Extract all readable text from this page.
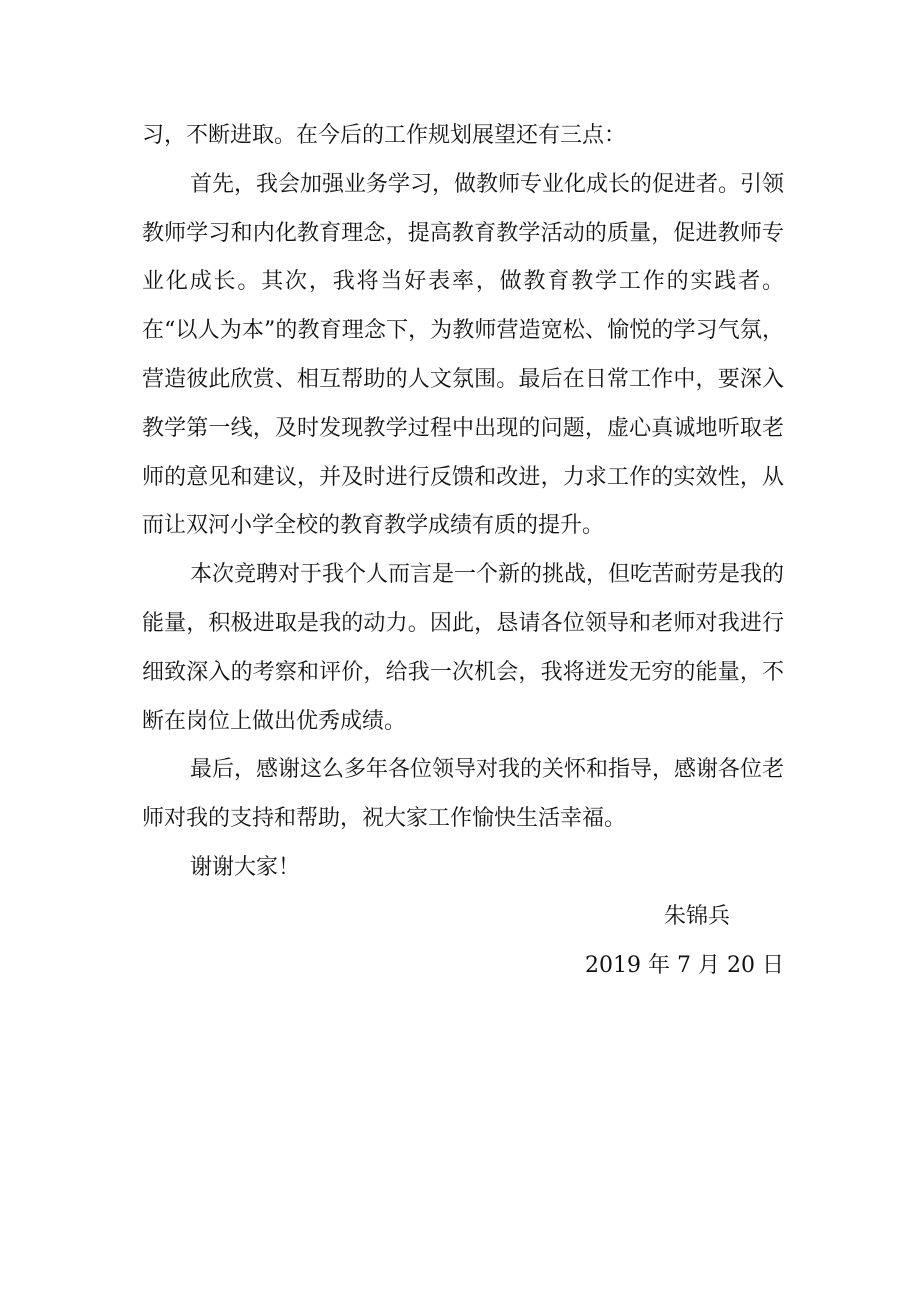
习，不断进取。在今后的工作规划展望还有三点：

首先，我会加强业务学习，做教师专业化成长的促进者。引领教师学习和内化教育理念，提高教育教学活动的质量，促进教师专业化成长。其次，我将当好表率，做教育教学工作的实践者。在“以人为本”的教育理念下，为教师营造宽松、愉悦的学习气氛，营造彼此欣赏、相互帮助的人文氛围。最后在日常工作中，要深入教学第一线，及时发现教学过程中出现的问题，虚心真诚地听取老师的意见和建议，并及时进行反馈和改进，力求工作的实效性，从而让双河小学全校的教育教学成绩有质的提升。

本次竞聘对于我个人而言是一个新的挑战，但吃苦耐劳是我的能量，积极进取是我的动力。因此，恳请各位领导和老师对我进行细致深入的考察和评价，给我一次机会，我将迸发无穷的能量，不断在岗位上做出优秀成绩。

最后，感谢这么多年各位领导对我的关怀和指导，感谢各位老师对我的支持和帮助，祝大家工作愉快生活幸福。

谢谢大家！

朱锦兵

2019 年 7 月 20 日
